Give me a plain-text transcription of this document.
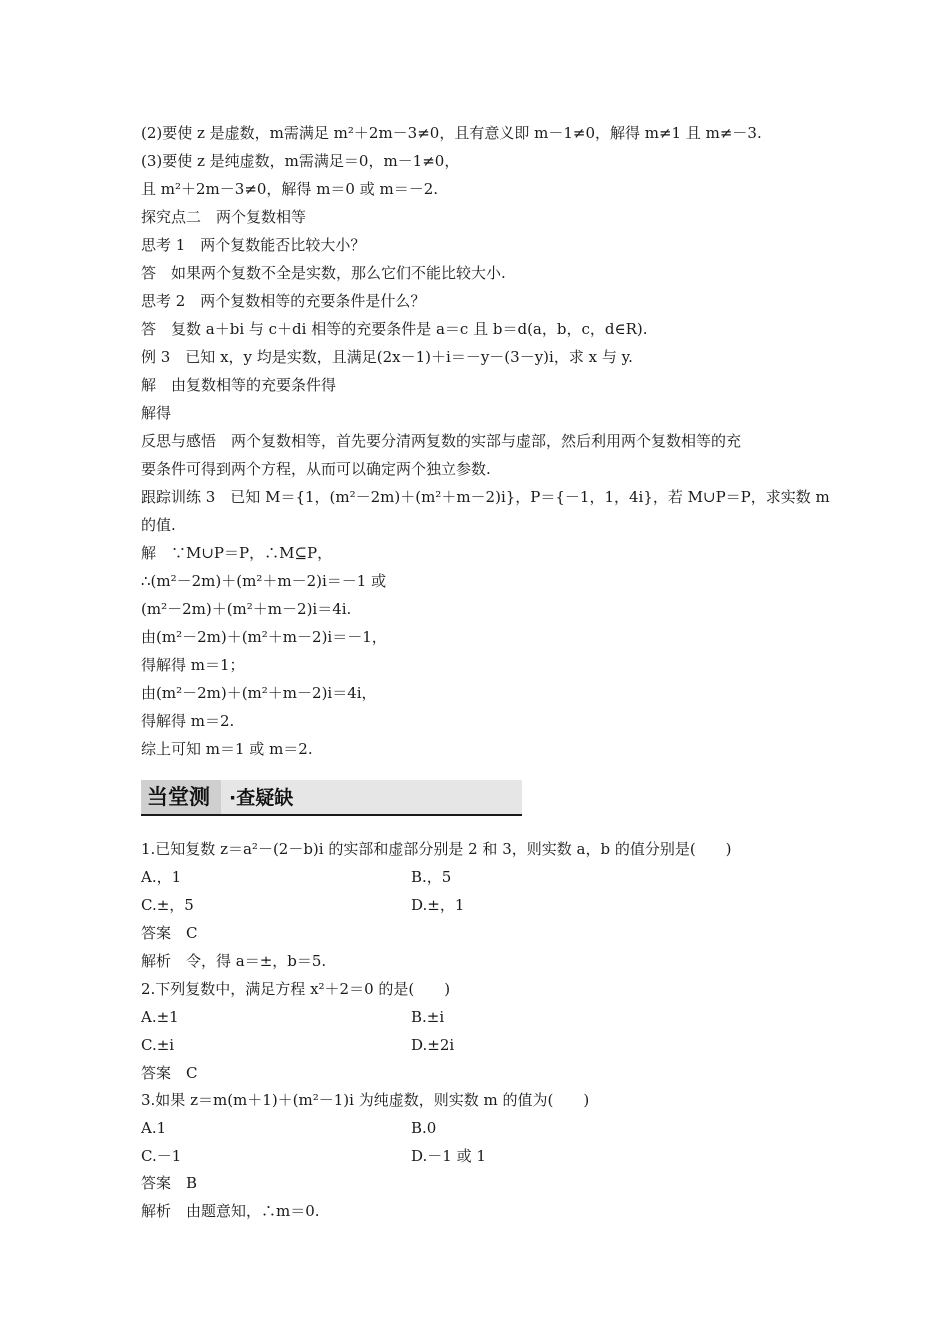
(2)要使 z 是虚数，m需满足 m²＋2m－3≠0，且有意义即 m－1≠0，解得 m≠1 且 m≠－3.
(3)要使 z 是纯虚数，m需满足＝0，m－1≠0，
且 m²＋2m－3≠0，解得 m＝0 或 m＝－2.
探究点二　两个复数相等
思考 1　两个复数能否比较大小？
答　如果两个复数不全是实数，那么它们不能比较大小.
思考 2　两个复数相等的充要条件是什么？
答　复数 a＋bi 与 c＋di 相等的充要条件是 a＝c 且 b＝d(a，b，c，d∈R).
例 3　已知 x，y 均是实数，且满足(2x－1)＋i＝－y－(3－y)i，求 x 与 y.
解　由复数相等的充要条件得
解得
反思与感悟　两个复数相等，首先要分清两复数的实部与虚部，然后利用两个复数相等的充
要条件可得到两个方程，从而可以确定两个独立参数.
跟踪训练 3　已知 M＝{1，(m²－2m)＋(m²＋m－2)i}，P＝{－1，1，4i}，若 M∪P＝P，求实数 m
的值.
解　∵M∪P＝P，∴M⊆P，
∴(m²－2m)＋(m²＋m－2)i＝－1 或
(m²－2m)＋(m²＋m－2)i＝4i.
由(m²－2m)＋(m²＋m－2)i＝－1，
得解得 m＝1；
由(m²－2m)＋(m²＋m－2)i＝4i，
得解得 m＝2.
综上可知 m＝1 或 m＝2.
当堂测 ·查疑缺
1.已知复数 z＝a²－(2－b)i 的实部和虚部分别是 2 和 3，则实数 a，b 的值分别是(　　)
A.，1	B.，5
C.±，5	D.±，1
答案　C
解析　令，得 a＝±，b＝5.
2.下列复数中，满足方程 x²＋2＝0 的是(　　)
A.±1	B.±i
C.±i	D.±2i
答案　C
3.如果 z＝m(m＋1)＋(m²－1)i 为纯虚数，则实数 m 的值为(　　)
A.1	B.0
C.－1	D.－1 或 1
答案　B
解析　由题意知，∴m＝0.
